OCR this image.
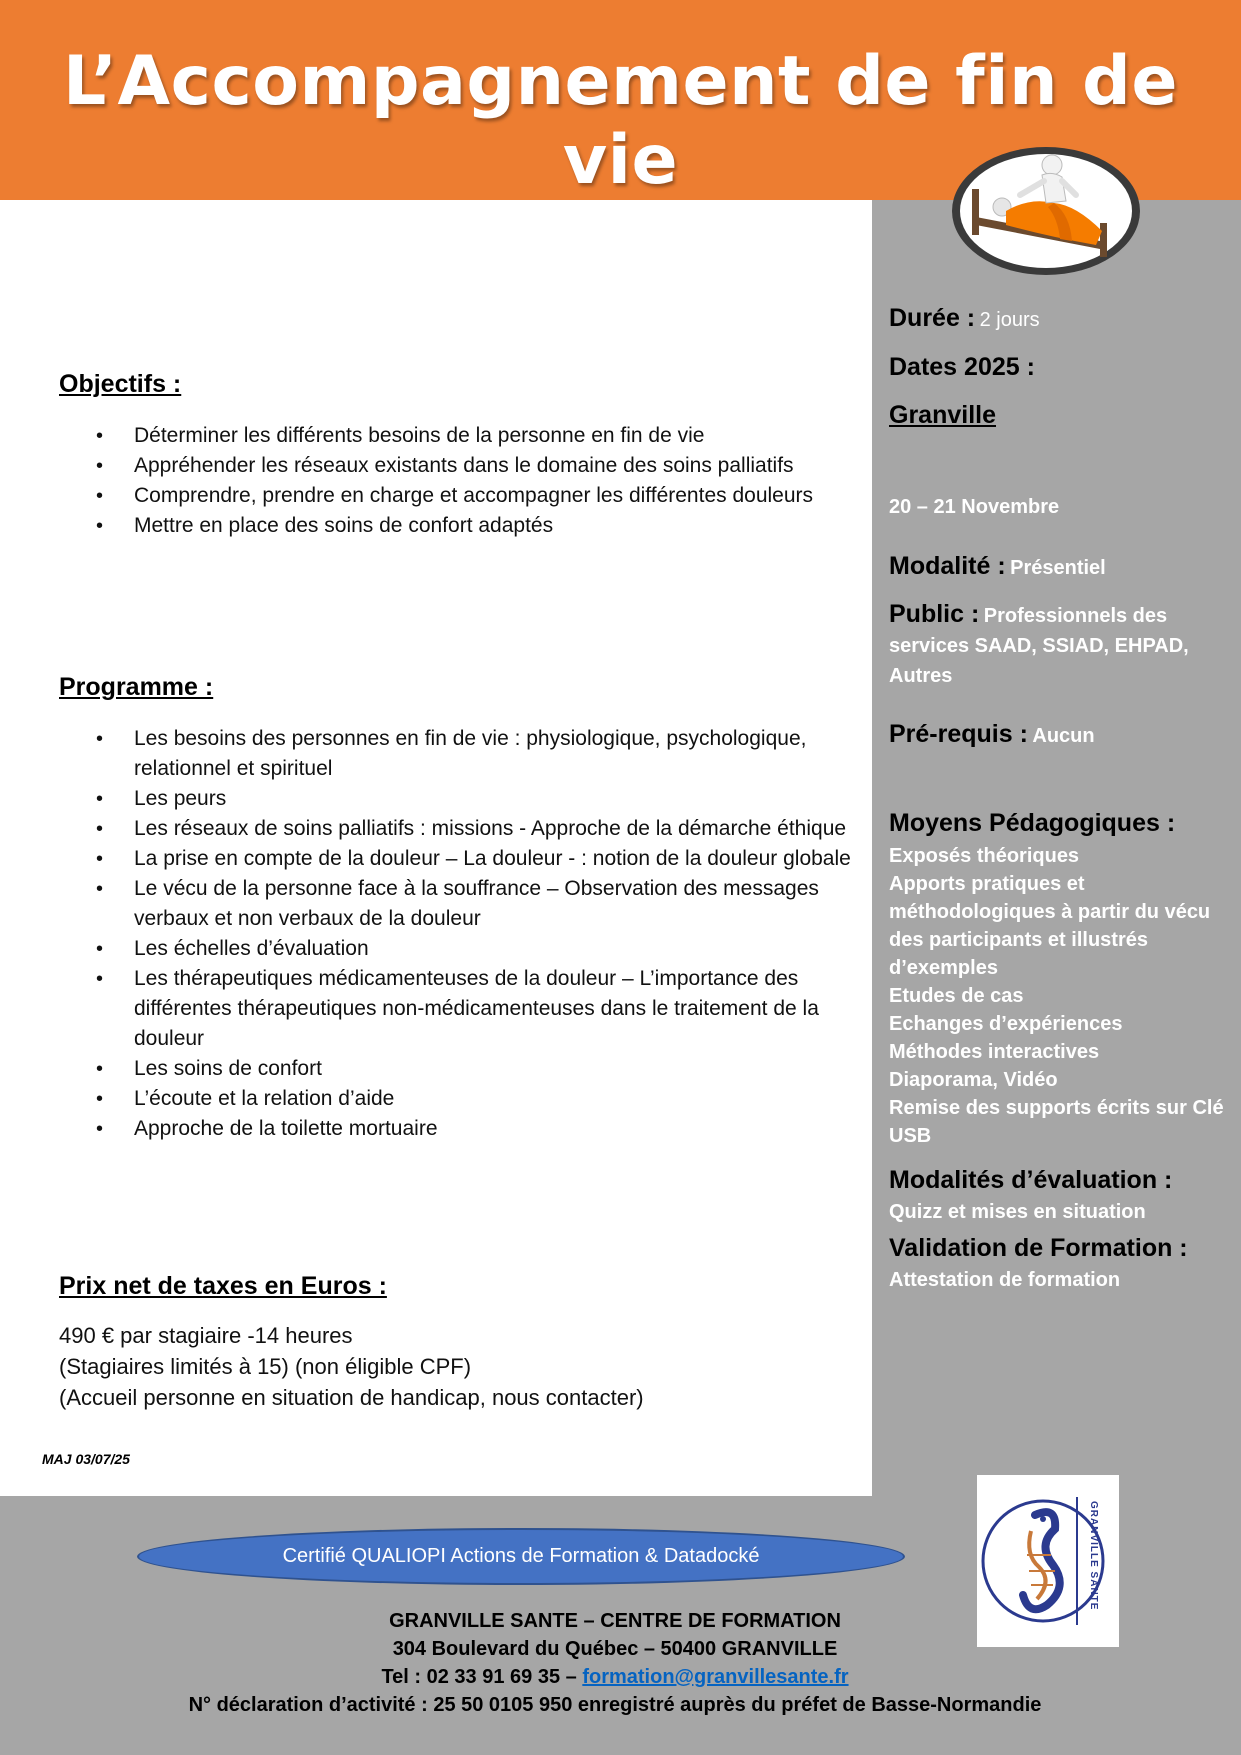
L’Accompagnement de fin de vie
Objectifs :
• Déterminer les différents besoins de la personne en fin de vie
• Appréhender les réseaux existants dans le domaine des soins palliatifs
• Comprendre, prendre en charge et accompagner les différentes douleurs
• Mettre en place des soins de confort adaptés
Programme :
• Les besoins des personnes en fin de vie : physiologique, psychologique, relationnel et spirituel
• Les peurs
• Les réseaux de soins palliatifs : missions - Approche de la démarche éthique
• La prise en compte de la douleur – La douleur - : notion de la douleur globale
• Le vécu de la personne face à la souffrance – Observation des messages verbaux et non verbaux de la douleur
• Les échelles d’évaluation
• Les thérapeutiques médicamenteuses de la douleur – L’importance des différentes thérapeutiques non-médicamenteuses dans le traitement de la douleur
• Les soins de confort
• L’écoute et la relation d’aide
• Approche de la toilette mortuaire
Prix net de taxes en Euros :
490 € par stagiaire -14 heures
(Stagiaires limités à 15) (non éligible CPF)
(Accueil personne en situation de handicap, nous contacter)
MAJ 03/07/25
Durée : 2 jours
Dates 2025 :
Granville
20 – 21 Novembre
Modalité : Présentiel
Public : Professionnels des services SAAD, SSIAD, EHPAD, Autres
Pré-requis : Aucun
Moyens Pédagogiques :
Exposés théoriques
Apports pratiques et méthodologiques à partir du vécu des participants et illustrés d’exemples
Etudes de cas
Echanges d’expériences
Méthodes interactives
Diaporama, Vidéo
Remise des supports écrits sur Clé USB
Modalités d’évaluation :
Quizz et mises en situation
Validation de Formation :
Attestation de formation
Certifié QUALIOPI Actions de Formation & Datadocké	GRANVILLE SANTE
GRANVILLE SANTE – CENTRE DE FORMATION
304 Boulevard du Québec – 50400 GRANVILLE
Tel : 02 33 91 69 35 – formation@granvillesante.fr
N° déclaration d’activité : 25 50 0105 950 enregistré auprès du préfet de Basse-Normandie
